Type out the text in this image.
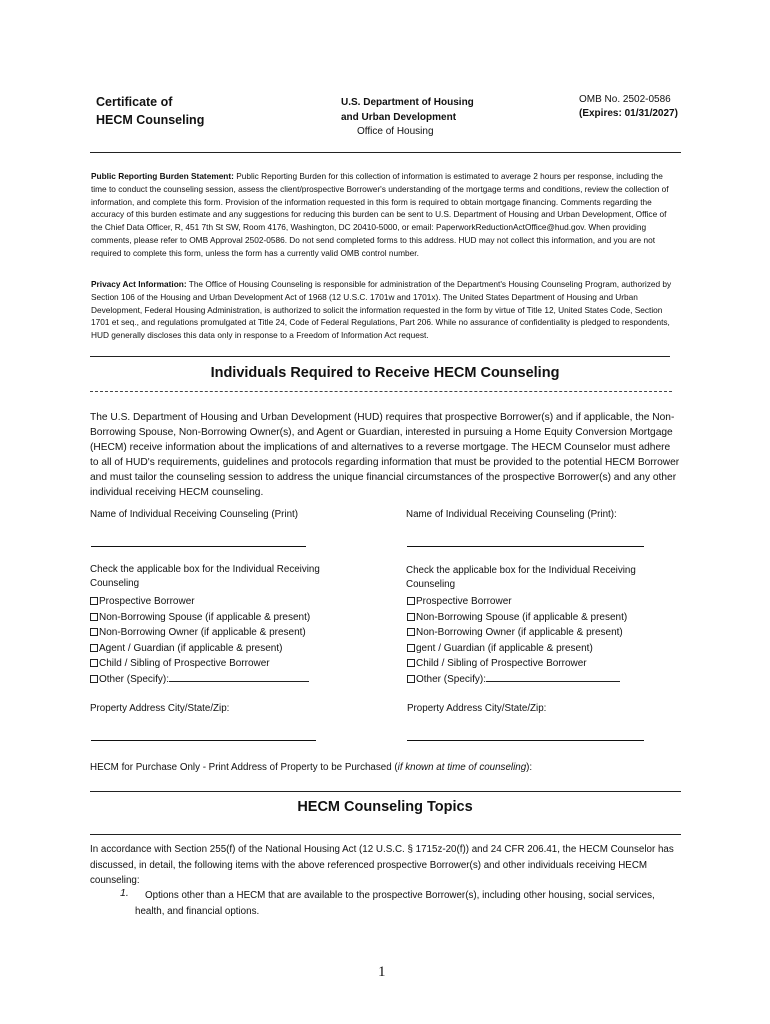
Certificate of
HECM Counseling
U.S. Department of Housing
and Urban Development
Office of Housing
OMB No. 2502-0586
(Expires: 01/31/2027)
Public Reporting Burden Statement: Public Reporting Burden for this collection of information is estimated to average 2 hours per response, including the time to conduct the counseling session, assess the client/prospective Borrower's understanding of the mortgage terms and conditions, review the collection of information, and complete this form. Provision of the information requested in this form is required to obtain mortgage financing. Comments regarding the accuracy of this burden estimate and any suggestions for reducing this burden can be sent to U.S. Department of Housing and Urban Development, Office of the Chief Data Officer, R, 451 7th St SW, Room 4176, Washington, DC 20410-5000, or email: PaperworkReductionActOffice@hud.gov. When providing comments, please refer to OMB Approval 2502-0586. Do not send completed forms to this address. HUD may not collect this information, and you are not required to complete this form, unless the form has a currently valid OMB control number.
Privacy Act Information: The Office of Housing Counseling is responsible for administration of the Department's Housing Counseling Program, authorized by Section 106 of the Housing and Urban Development Act of 1968 (12 U.S.C. 1701w and 1701x). The United States Department of Housing and Urban Development, Federal Housing Administration, is authorized to solicit the information requested in the form by virtue of Title 12, United States Code, Section 1701 et seq., and regulations promulgated at Title 24, Code of Federal Regulations, Part 206. While no assurance of confidentiality is pledged to respondents, HUD generally discloses this data only in response to a Freedom of Information Act request.
Individuals Required to Receive HECM Counseling
The U.S. Department of Housing and Urban Development (HUD) requires that prospective Borrower(s) and if applicable, the Non-Borrowing Spouse, Non-Borrowing Owner(s), and Agent or Guardian, interested in pursuing a Home Equity Conversion Mortgage (HECM) receive information about the implications of and alternatives to a reverse mortgage. The HECM Counselor must adhere to all of HUD's requirements, guidelines and protocols regarding information that must be provided to the potential HECM Borrower and must tailor the counseling session to address the unique financial circumstances of the prospective Borrower(s) and any other individual receiving HECM counseling.
Name of Individual Receiving Counseling (Print)
Check the applicable box for the Individual Receiving Counseling
Prospective Borrower
Non-Borrowing Spouse (if applicable & present)
Non-Borrowing Owner (if applicable & present)
Agent / Guardian (if applicable & present)
Child / Sibling of Prospective Borrower
Other (Specify):
Property Address City/State/Zip:
Name of Individual Receiving Counseling (Print):
Check the applicable box for the Individual Receiving Counseling
Prospective Borrower
Non-Borrowing Spouse (if applicable & present)
Non-Borrowing Owner (if applicable & present)
gent / Guardian (if applicable & present)
Child / Sibling of Prospective Borrower
Other (Specify):
Property Address City/State/Zip:
HECM for Purchase Only - Print Address of Property to be Purchased (if known at time of counseling):
HECM Counseling Topics
In accordance with Section 255(f) of the National Housing Act (12 U.S.C. § 1715z-20(f)) and 24 CFR 206.41, the HECM Counselor has discussed, in detail, the following items with the above referenced prospective Borrower(s) and other individuals receiving HECM counseling:
1. Options other than a HECM that are available to the prospective Borrower(s), including other housing, social services,
health, and financial options.
1
